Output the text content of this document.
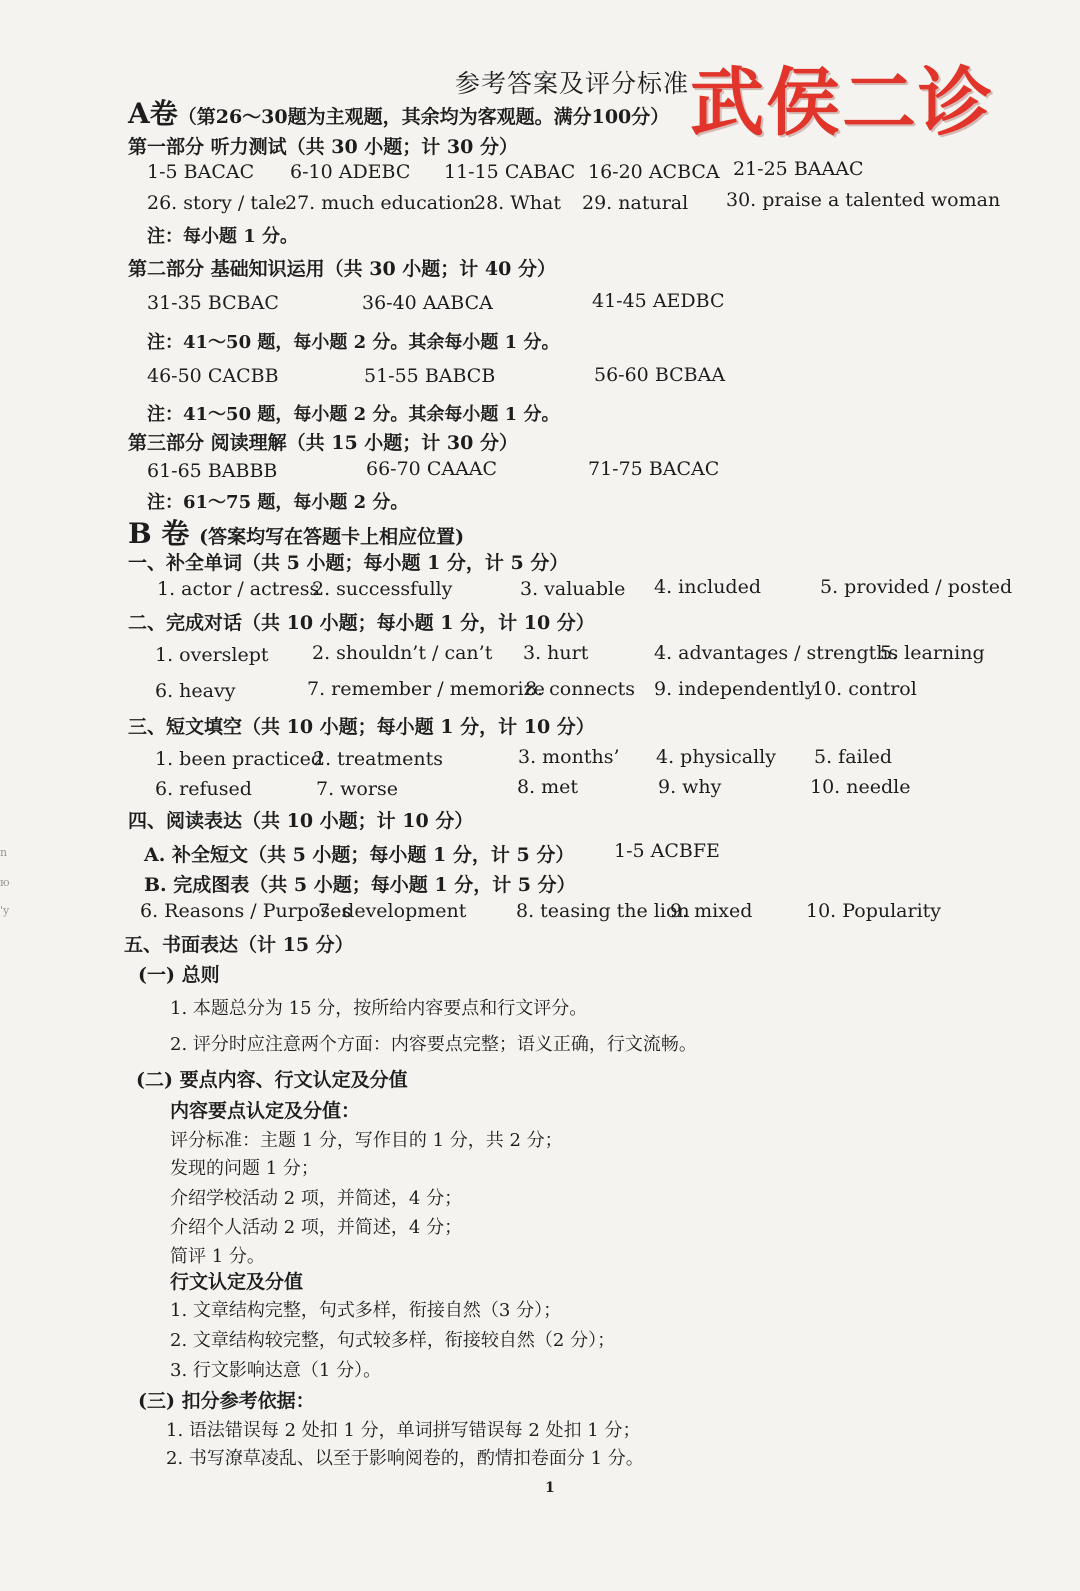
参考答案及评分标准 武侯二诊
A卷（第26～30题为主观题，其余均为客观题。满分100分）
第一部分 听力测试（共 30 小题；计 30 分）
1-5 BACAC 6-10 ADEBC 11-15 CABAC 16-20 ACBCA 21-25 BAAAC
26. story / tale
27. much education
28. What 29. natural 30. praise a talented woman
注：每小题 1 分。
第二部分 基础知识运用（共 30 小题；计 40 分）
31-35 BCBAC	36-40 AABCA	41-45 AEDBC
注：41～50 题，每小题 2 分。其余每小题 1 分。
46-50 CACBB	51-55 BABCB	56-60 BCBAA
注：41～50 题，每小题 2 分。其余每小题 1 分。
第三部分 阅读理解（共 15 小题；计 30 分）
61-65 BABBB	66-70 CAAAC	71-75 BACAC
注：61～75 题，每小题 2 分。
B 卷 (答案均写在答题卡上相应位置)
一、补全单词（共 5 小题；每小题 1 分，计 5 分）
1. actor / actress
2. successfully	3. valuable 4. included	5. provided / posted
二、完成对话（共 10 小题；每小题 1 分，计 10 分）
1. overslept 2. shouldn’t / can’t 3. hurt	4. advantages / strengths
5. learning
6. heavy	7. remember / memorize
8. connects 9. independently
10. control
三、短文填空（共 10 小题；每小题 1 分，计 10 分）
1. been practiced
2. treatments	3. months’ 4. physically 5. failed
6. refused	7. worse	8. met	9. why	10. needle
四、阅读表达（共 10 小题；计 10 分）
A. 补全短文（共 5 小题；每小题 1 分，计 5 分） 1-5 ACBFE
B. 完成图表（共 5 小题；每小题 1 分，计 5 分）
6. Reasons / Purposes
7. development	8. teasing the lion
9. mixed	10. Popularity
五、书面表达（计 15 分）
(一) 总则
1. 本题总分为 15 分，按所给内容要点和行文评分。
2. 评分时应注意两个方面：内容要点完整；语义正确，行文流畅。
(二) 要点内容、行文认定及分值
内容要点认定及分值：
评分标准：主题 1 分，写作目的 1 分，共 2 分；
发现的问题 1 分；
介绍学校活动 2 项，并简述，4 分；
介绍个人活动 2 项，并简述，4 分；
简评 1 分。
行文认定及分值
1. 文章结构完整，句式多样，衔接自然（3 分）；
2. 文章结构较完整，句式较多样，衔接较自然（2 分）；
3. 行文影响达意（1 分）。
(三) 扣分参考依据：
1. 语法错误每 2 处扣 1 分，单词拼写错误每 2 处扣 1 分；
2. 书写潦草凌乱、以至于影响阅卷的，酌情扣卷面分 1 分。
1
n
ю
'y
